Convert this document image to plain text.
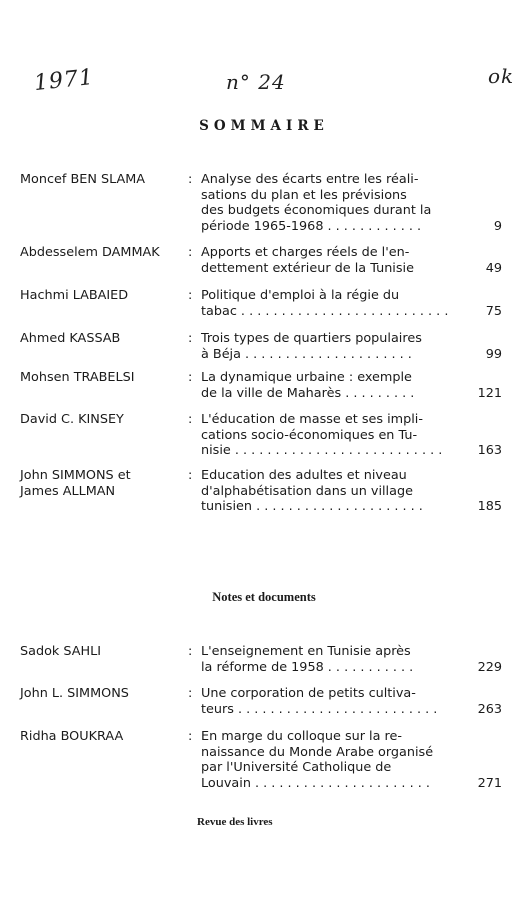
1971	n° 24	ok
SOMMAIRE
Moncef BEN SLAMA	: Analyse des écarts entre les réali-
sations du plan et les prévisions
des budgets économiques durant la
période 1965-1968 . . . . . . . . . . . .	9
Abdesselem DAMMAK	: Apports et charges réels de l'en-
dettement extérieur de la Tunisie	49
Hachmi LABAIED	: Politique d'emploi à la régie du
tabac . . . . . . . . . . . . . . . . . . . . . . . . . .	75
Ahmed KASSAB	: Trois types de quartiers populaires
à Béja . . . . . . . . . . . . . . . . . . . . .	99
Mohsen TRABELSI	: La dynamique urbaine : exemple
de la ville de Maharès . . . . . . . . .	121
David C. KINSEY	: L'éducation de masse et ses impli-
cations socio-économiques en Tu-
nisie . . . . . . . . . . . . . . . . . . . . . . . . . .	163
John SIMMONS et
James ALLMAN
: Education des adultes et niveau
d'alphabétisation dans un village
tunisien . . . . . . . . . . . . . . . . . . . . .	185
Notes et documents
Sadok SAHLI	: L'enseignement en Tunisie après
la réforme de 1958 . . . . . . . . . . .	229
John L. SIMMONS	: Une corporation de petits cultiva-
teurs . . . . . . . . . . . . . . . . . . . . . . . . .	263
Ridha BOUKRAA	: En marge du colloque sur la re-
naissance du Monde Arabe organisé
par l'Université Catholique de
Louvain . . . . . . . . . . . . . . . . . . . . . .	271
Revue des livres
